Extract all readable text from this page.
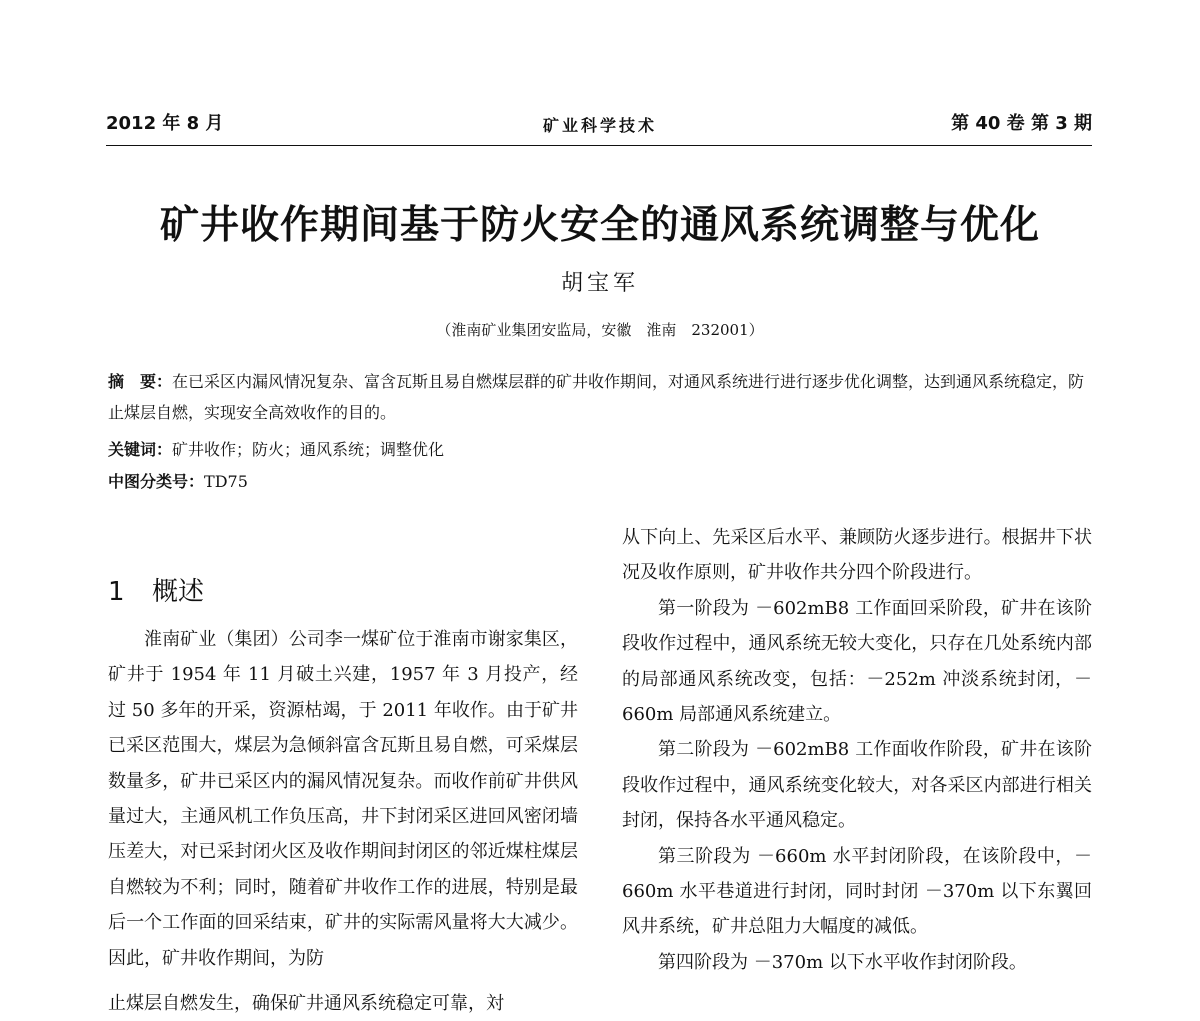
2012 年 8 月	矿业科学技术	第 40 卷 第 3 期
矿井收作期间基于防火安全的通风系统调整与优化
胡宝军
（淮南矿业集团安监局，安徽　淮南　232001）
摘　要：在已采区内漏风情况复杂、富含瓦斯且易自燃煤层群的矿井收作期间，对通风系统进行进行逐步优化调整，达到通风系统稳定，防止煤层自燃，实现安全高效收作的目的。
关键词：矿井收作；防火；通风系统；调整优化
中图分类号：TD75
1 概述

淮南矿业（集团）公司李一煤矿位于淮南市谢家集区，矿井于 1954 年 11 月破土兴建，1957 年 3 月投产，经过 50 多年的开采，资源枯竭，于 2011 年收作。由于矿井已采区范围大，煤层为急倾斜富含瓦斯且易自燃，可采煤层数量多，矿井已采区内的漏风情况复杂。而收作前矿井供风量过大，主通风机工作负压高，井下封闭采区进回风密闭墙压差大，对已采封闭火区及收作期间封闭区的邻近煤柱煤层自燃较为不利；同时，随着矿井收作工作的进展，特别是最后一个工作面的回采结束，矿井的实际需风量将大大减少。因此，矿井收作期间，为防

止煤层自燃发生，确保矿井通风系统稳定可靠，対

从下向上、先采区后水平、兼顾防火逐步进行。根据井下状况及收作原则，矿井收作共分四个阶段进行。

第一阶段为 －602mB8 工作面回采阶段，矿井在该阶段收作过程中，通风系统无较大变化，只存在几处系统内部的局部通风系统改变，包括：－252m 冲淡系统封闭，－660m 局部通风系统建立。

第二阶段为 －602mB8 工作面收作阶段，矿井在该阶段收作过程中，通风系统变化较大，对各采区内部进行相关封闭，保持各水平通风稳定。

第三阶段为 －660m 水平封闭阶段，在该阶段中，－660m 水平巷道进行封闭，同时封闭 －370m 以下东翼回风井系统，矿井总阻力大幅度的减低。

第四阶段为 －370m 以下水平收作封闭阶段。
